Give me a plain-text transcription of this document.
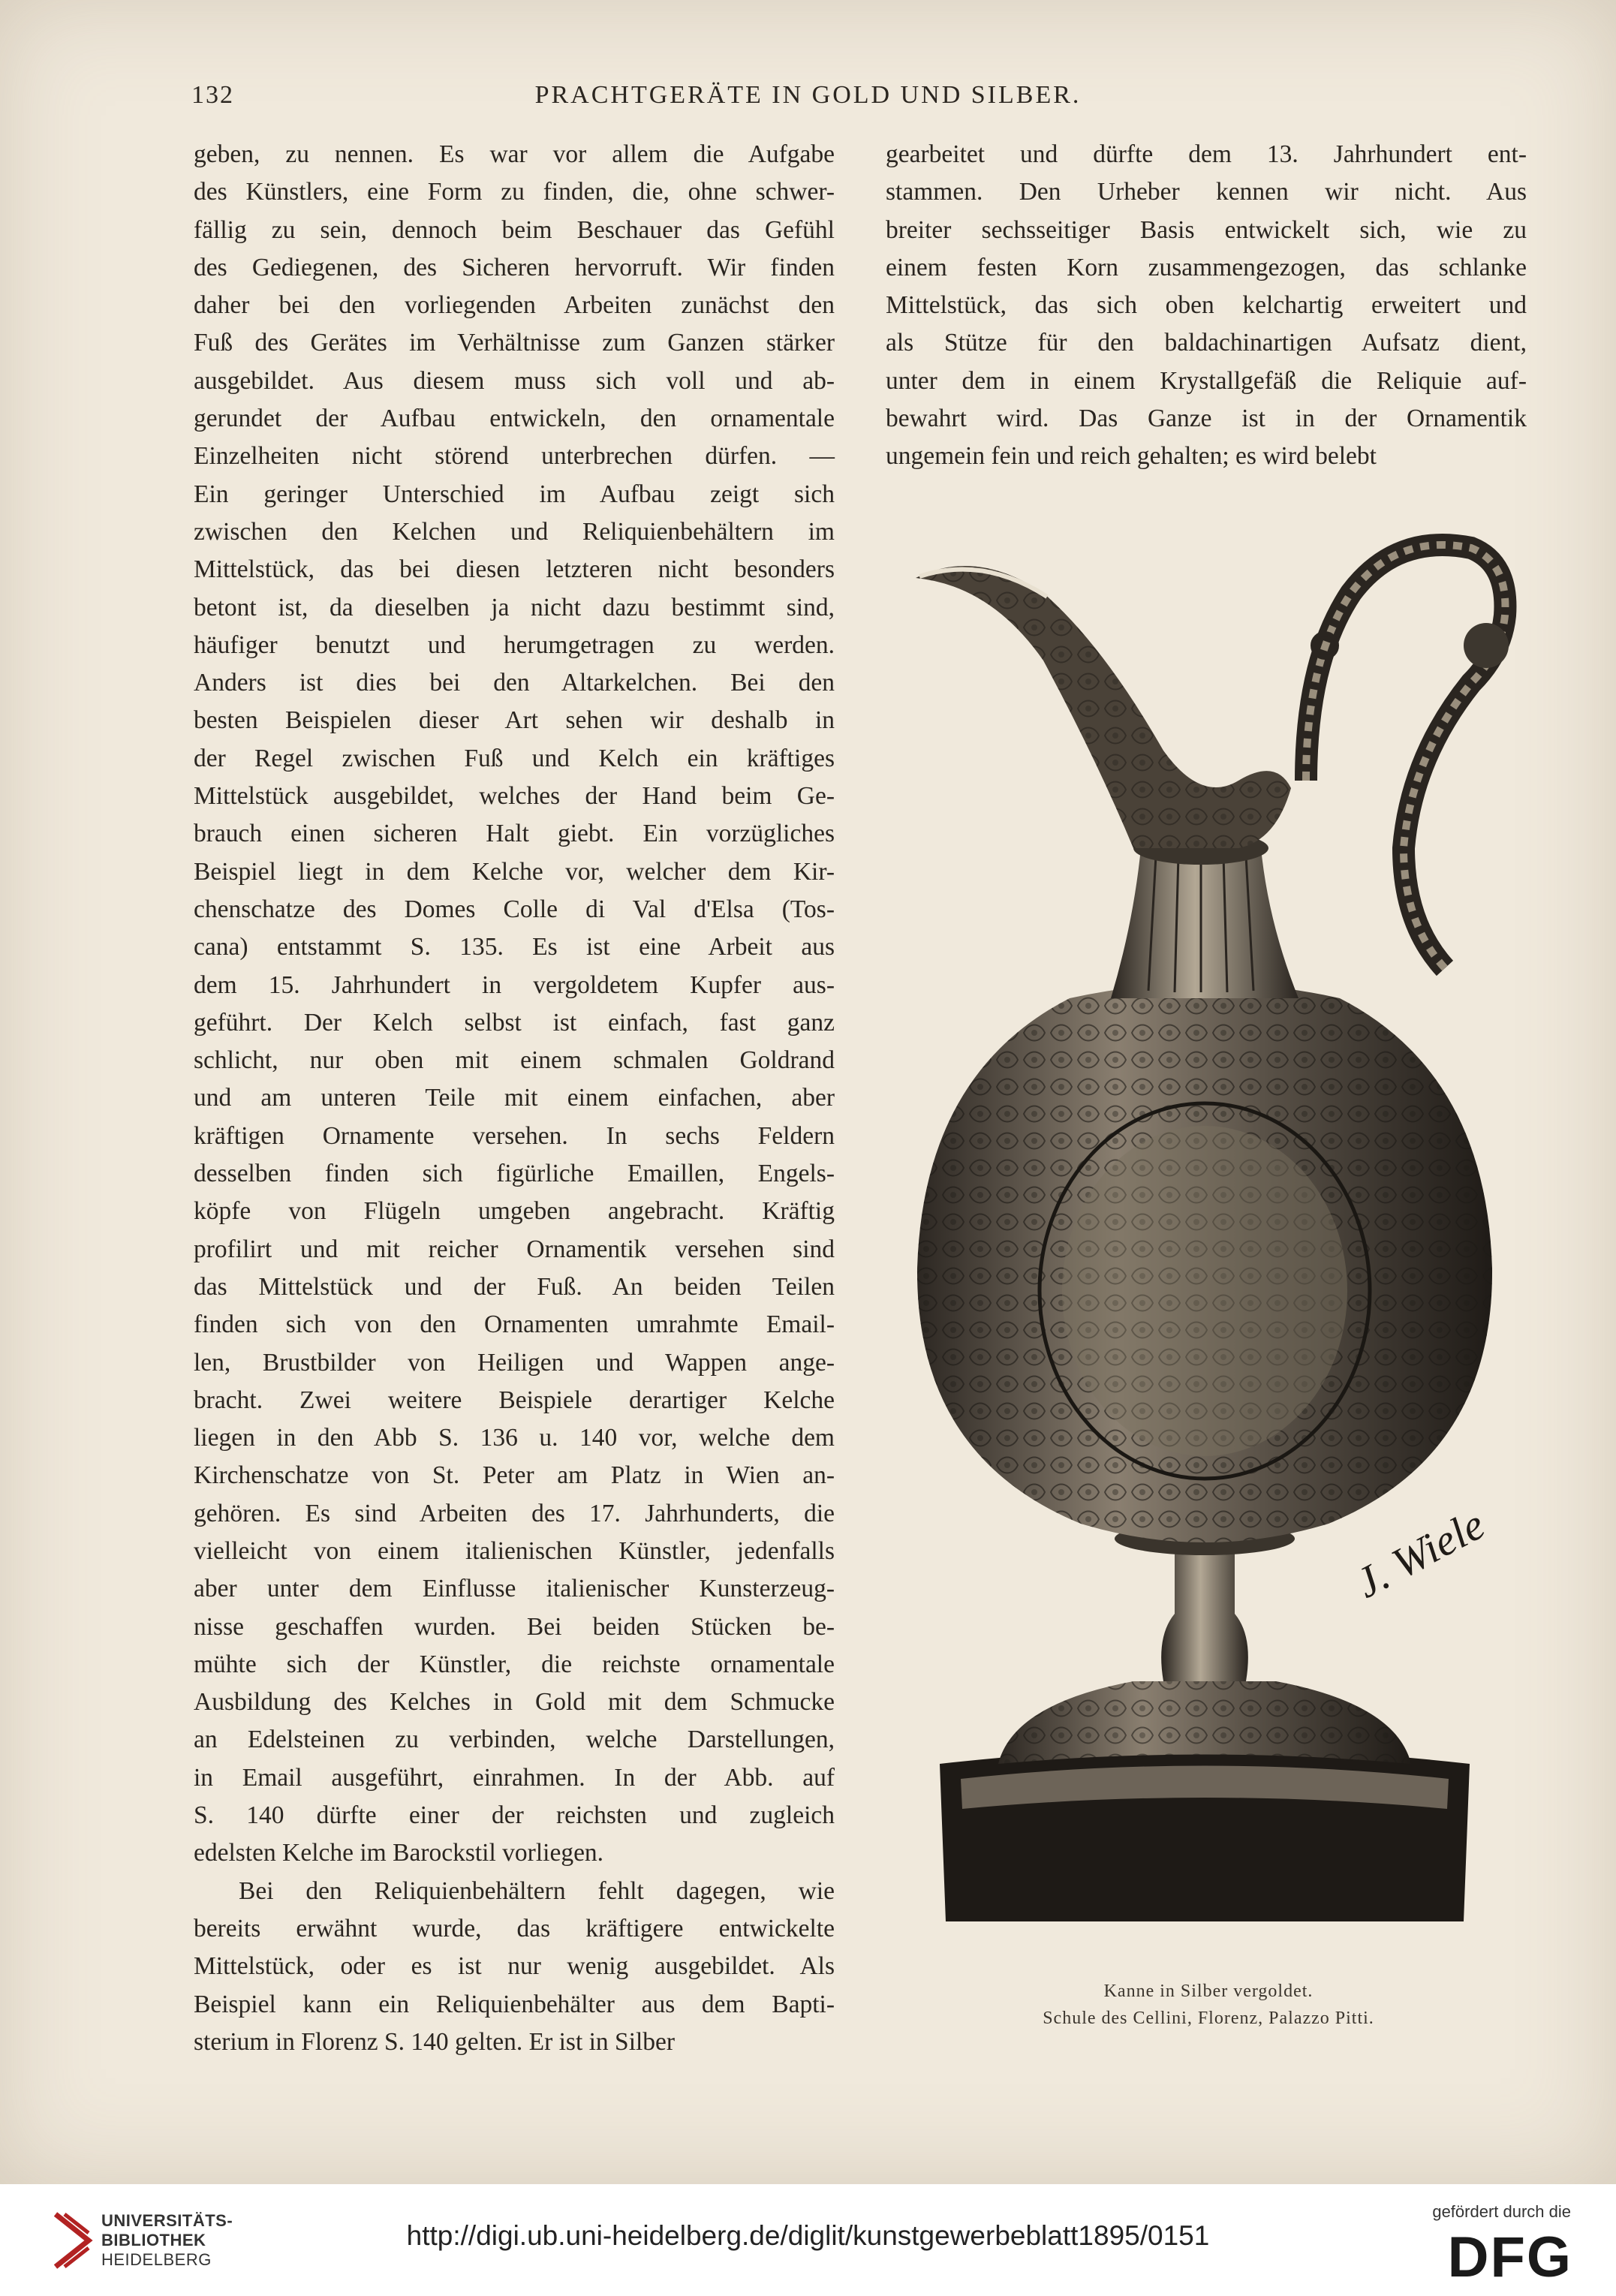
132	PRACHTGERÄTE IN GOLD UND SILBER.
geben, zu nennen. Es war vor allem die Aufgabe
des Künstlers, eine Form zu finden, die, ohne schwer-
fällig zu sein, dennoch beim Beschauer das Gefühl
des Gediegenen, des Sicheren hervorruft. Wir finden
daher bei den vorliegenden Arbeiten zunächst den
Fuß des Gerätes im Verhältnisse zum Ganzen stärker
ausgebildet. Aus diesem muss sich voll und ab-
gerundet der Aufbau entwickeln, den ornamentale
Einzelheiten nicht störend unterbrechen dürfen. —
Ein geringer Unterschied im Aufbau zeigt sich
zwischen den Kelchen und Reliquienbehältern im
Mittelstück, das bei diesen letzteren nicht besonders
betont ist, da dieselben ja nicht dazu bestimmt sind,
häufiger benutzt und herumgetragen zu werden.
Anders ist dies bei den Altarkelchen. Bei den
besten Beispielen dieser Art sehen wir deshalb in
der Regel zwischen Fuß und Kelch ein kräftiges
Mittelstück ausgebildet, welches der Hand beim Ge-
brauch einen sicheren Halt giebt. Ein vorzügliches
Beispiel liegt in dem Kelche vor, welcher dem Kir-
chenschatze des Domes Colle di Val d'Elsa (Tos-
cana) entstammt S. 135. Es ist eine Arbeit aus
dem 15. Jahrhundert in vergoldetem Kupfer aus-
geführt. Der Kelch selbst ist einfach, fast ganz
schlicht, nur oben mit einem schmalen Goldrand
und am unteren Teile mit einem einfachen, aber
kräftigen Ornamente versehen. In sechs Feldern
desselben finden sich figürliche Emaillen, Engels-
köpfe von Flügeln umgeben angebracht. Kräftig
profilirt und mit reicher Ornamentik versehen sind
das Mittelstück und der Fuß. An beiden Teilen
finden sich von den Ornamenten umrahmte Email-
len, Brustbilder von Heiligen und Wappen ange-
bracht. Zwei weitere Beispiele derartiger Kelche
liegen in den Abb S. 136 u. 140 vor, welche dem
Kirchenschatze von St. Peter am Platz in Wien an-
gehören. Es sind Arbeiten des 17. Jahrhunderts, die
vielleicht von einem italienischen Künstler, jedenfalls
aber unter dem Einflusse italienischer Kunsterzeug-
nisse geschaffen wurden. Bei beiden Stücken be-
mühte sich der Künstler, die reichste ornamentale
Ausbildung des Kelches in Gold mit dem Schmucke
an Edelsteinen zu verbinden, welche Darstellungen,
in Email ausgeführt, einrahmen. In der Abb. auf
S. 140 dürfte einer der reichsten und zugleich
edelsten Kelche im Barockstil vorliegen.
Bei den Reliquienbehältern fehlt dagegen, wie
bereits erwähnt wurde, das kräftigere entwickelte
Mittelstück, oder es ist nur wenig ausgebildet. Als
Beispiel kann ein Reliquienbehälter aus dem Bapti-
sterium in Florenz S. 140 gelten. Er ist in Silber
gearbeitet und dürfte dem 13. Jahrhundert ent-
stammen. Den Urheber kennen wir nicht. Aus
breiter sechsseitiger Basis entwickelt sich, wie zu
einem festen Korn zusammengezogen, das schlanke
Mittelstück, das sich oben kelchartig erweitert und
als Stütze für den baldachinartigen Aufsatz dient,
unter dem in einem Krystallgefäß die Reliquie auf-
bewahrt wird. Das Ganze ist in der Ornamentik
ungemein fein und reich gehalten; es wird belebt
J. Wiele
Kanne in Silber vergoldet.
Schule des Cellini, Florenz, Palazzo Pitti.
UNIVERSITÄTS-
BIBLIOTHEK
HEIDELBERG
http://digi.ub.uni-heidelberg.de/diglit/kunstgewerbeblatt1895/0151
gefördert durch die
DFG
